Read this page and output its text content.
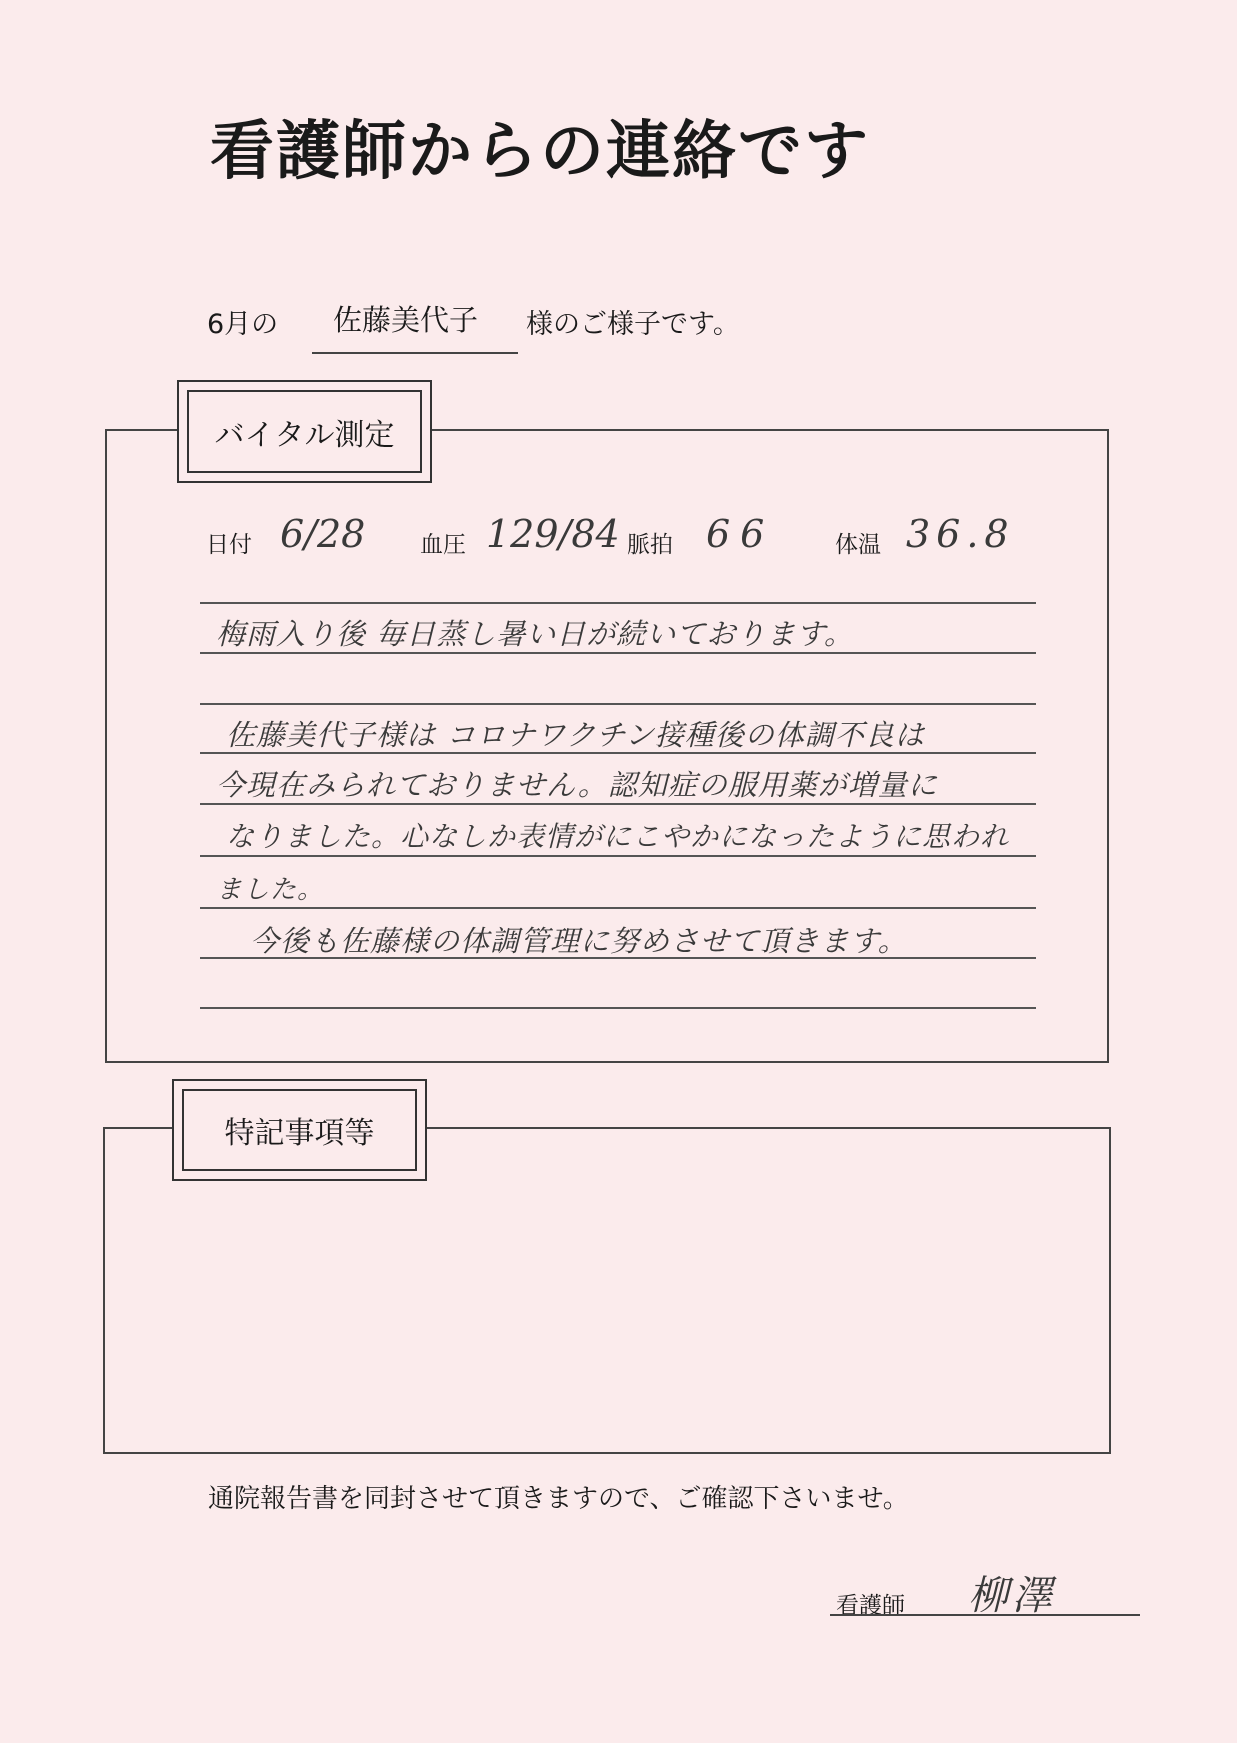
看護師からの連絡です
6月の 佐藤美代子 様のご様子です。
バイタル測定
日付 6/28 血圧 129/84 脈拍 66	体温 36.8
梅雨入り後 毎日蒸し暑い日が続いております。
佐藤美代子様は コロナワクチン接種後の体調不良は
今現在みられておりません。認知症の服用薬が増量に
なりました。心なしか表情がにこやかになったように思われ
ました。
今後も佐藤様の体調管理に努めさせて頂きます。
特記事項等
通院報告書を同封させて頂きますので、ご確認下さいませ。
看護師 柳澤
